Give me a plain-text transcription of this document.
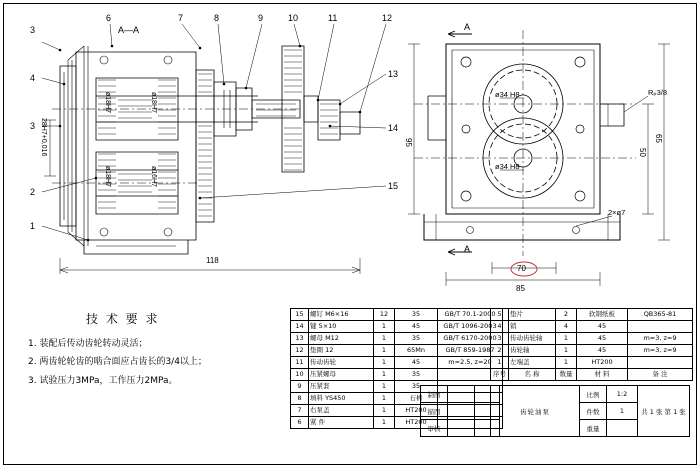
3
4
3
2
1
6	7	8	9	10	11	12
13
14
15
A—A
118
28H7+0.016
ø18H7	ø18H7
ø18H7	ø16H7
95
50
65
85
70
2×ø7
Rₚ3/8
ø34 H8
ø34 H8
A
A
技 术 要 求

1. 装配后传动齿轮转动灵活；

2. 两齿轮轮齿的啮合面应占齿长的3/4以上；

3. 试验压力3MPa，工作压力2MPa。

15	螺钉 M6×16	12	35	GB/T 70.1-2000
14	键 5×10	1	45	GB/T 1096-2003
13	螺母 M12	1	35	GB/T 6170-2000
12	垫圈 12	1	65Mn	GB/T 859-1987
11	传动齿轮	1	45	m=2.5, z=20
10	压紧螺母	1	35	
9	压紧套	1	35	
8	填料 YS450	1	石棉	
7	右泵盖	1	HT200	
6	紧 件	1	HT200	
5	垫片	2	软钢纸板	QB365-81
4	销	4	45	
3	传动齿轮轴	1	45	m=3, z=9
2	齿轮轴	1	45	m=3, z=9
1	左端盖	1	HT200	
序号	名 称	数量	材 料	备 注
齿轮油泵	比例	1:2	共 1 张 第 1 张
	件数	1	
	重量		
制图		
描图		
审核		
